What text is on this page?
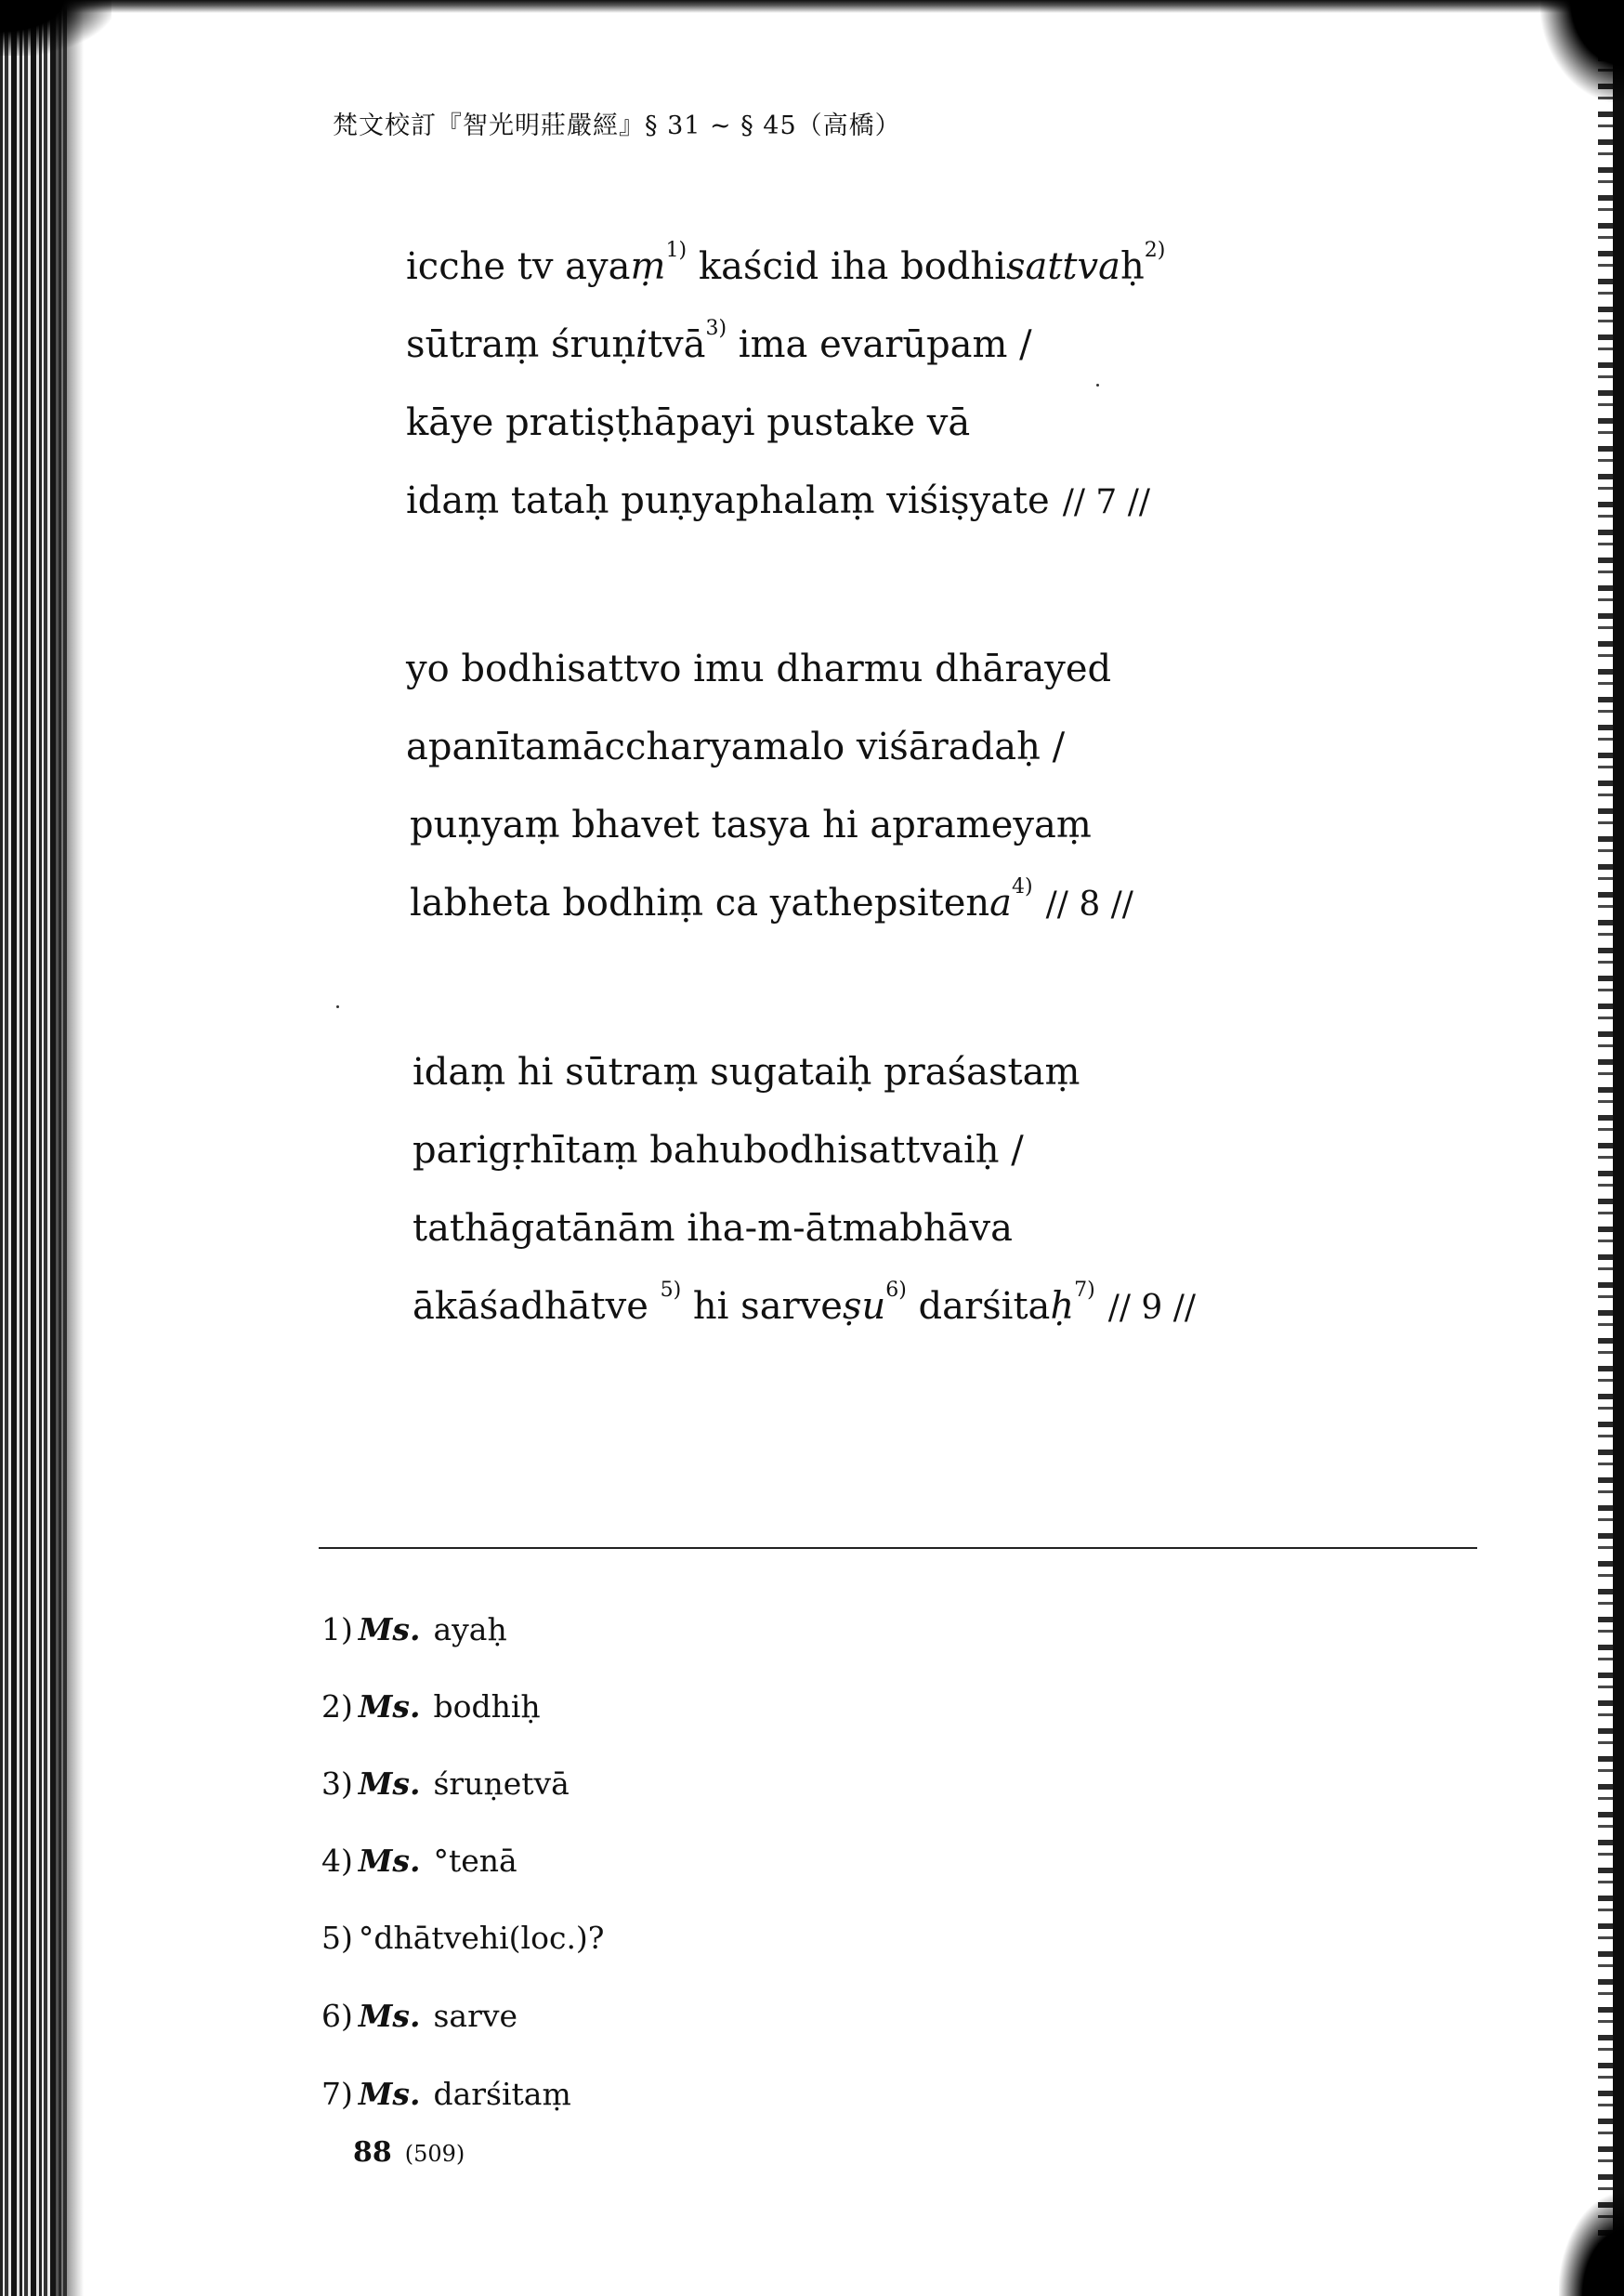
梵文校訂『智光明莊嚴經』§ 31 ~ § 45（高橋）
icche tv ayaṃ$^{1)}$ kaścid iha bodhisattvaḥ$^{2)}$
sūtraṃ śruṇitvā$^{3)}$ ima evarūpam /
kāye pratiṣṭhāpayi pustake vā
idaṃ tataḥ puṇyaphalaṃ viśiṣyate // 7 //
yo bodhisattvo imu dharmu dhārayed
apanītamāccharyamalo viśāradaḥ /
puṇyaṃ bhavet tasya hi aprameyaṃ
labheta bodhiṃ ca yathepsitena$^{4)}$ // 8 //
idaṃ hi sūtraṃ sugataiḥ praśastaṃ
parigṛhītaṃ bahubodhisattvaiḥ /
tathāgatānām iha-m-ātmabhāva
ākāśadhātve $^{5)}$ hi sarveṣu$^{6)}$ darśitaḥ$^{7)}$ // 9 //
1) Ms. ayaḥ
2) Ms. bodhiḥ
3) Ms. śruṇetvā
4) Ms. °tenā
5) °dhātvehi(loc.)?
6) Ms. sarve
7) Ms. darśitaṃ
88 (509)
